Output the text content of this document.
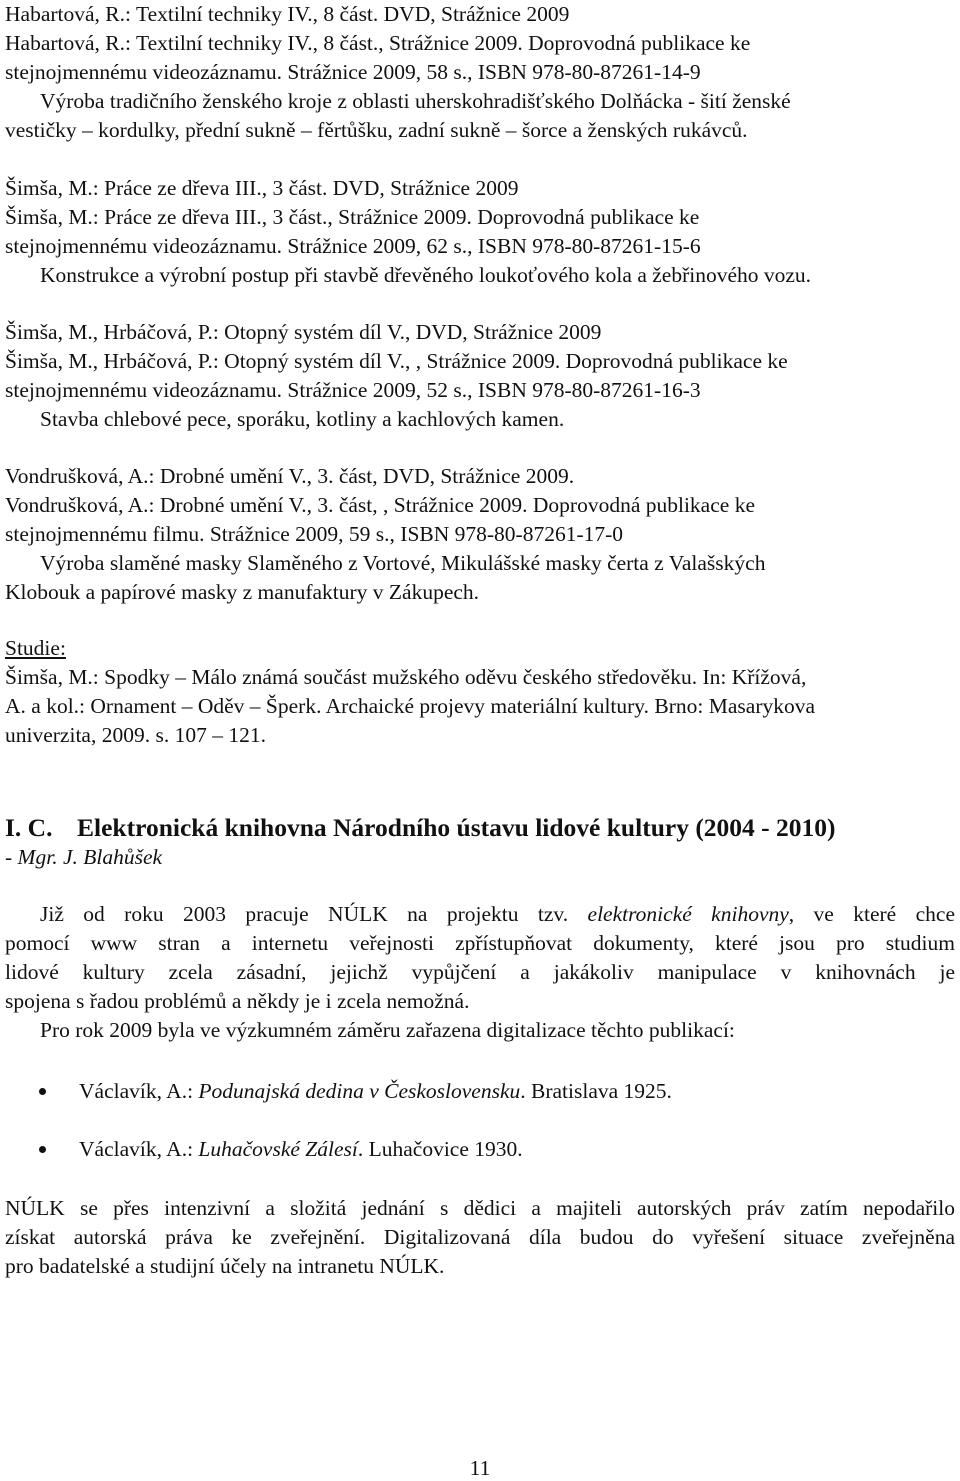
Habartová, R.: Textilní techniky IV., 8 část. DVD, Strážnice 2009
Habartová, R.: Textilní techniky IV., 8 část., Strážnice 2009. Doprovodná publikace ke
stejnojmennému videozáznamu. Strážnice 2009, 58 s., ISBN 978-80-87261-14-9
Výroba tradičního ženského kroje z oblasti uherskohradišťského Dolňácka - šití ženské
vestičky – kordulky, přední sukně – fěrtůšku, zadní sukně – šorce a ženských rukávců.
Šimša, M.: Práce ze dřeva III., 3 část. DVD, Strážnice 2009
Šimša, M.: Práce ze dřeva III., 3 část., Strážnice 2009. Doprovodná publikace ke
stejnojmennému videozáznamu. Strážnice 2009, 62 s., ISBN 978-80-87261-15-6
Konstrukce a výrobní postup při stavbě dřevěného loukoťového kola a žebřinového vozu.
Šimša, M., Hrbáčová, P.: Otopný systém díl V., DVD, Strážnice 2009
Šimša, M., Hrbáčová, P.: Otopný systém díl V., , Strážnice 2009. Doprovodná publikace ke
stejnojmennému videozáznamu. Strážnice 2009, 52 s., ISBN 978-80-87261-16-3
Stavba chlebové pece, sporáku, kotliny a kachlových kamen.
Vondrušková, A.: Drobné umění V., 3. část, DVD, Strážnice 2009.
Vondrušková, A.: Drobné umění V., 3. část, , Strážnice 2009. Doprovodná publikace ke
stejnojmennému filmu. Strážnice 2009, 59 s., ISBN 978-80-87261-17-0
Výroba slaměné masky Slaměného z Vortové, Mikulášské masky čerta z Valašských
Klobouk a papírové masky z manufaktury v Zákupech.
Studie:
Šimša, M.: Spodky – Málo známá součást mužského oděvu českého středověku. In: Křížová,
A. a kol.: Ornament – Oděv – Šperk. Archaické projevy materiální kultury. Brno: Masarykova
univerzita, 2009. s. 107 – 121.
I. C. Elektronická knihovna Národního ústavu lidové kultury (2004 - 2010)
- Mgr. J. Blahůšek
Již od roku 2003 pracuje NÚLK na projektu tzv. elektronické knihovny, ve které chce
pomocí www stran a internetu veřejnosti zpřístupňovat dokumenty, které jsou pro studium
lidové kultury zcela zásadní, jejichž vypůjčení a jakákoliv manipulace v knihovnách je
spojena s řadou problémů a někdy je i zcela nemožná.
Pro rok 2009 byla ve výzkumném záměru zařazena digitalizace těchto publikací:
Václavík, A.: Podunajská dedina v Československu. Bratislava 1925.
Václavík, A.: Luhačovské Zálesí. Luhačovice 1930.
NÚLK se přes intenzivní a složitá jednání s dědici a majiteli autorských práv zatím nepodařilo
získat autorská práva ke zveřejnění. Digitalizovaná díla budou do vyřešení situace zveřejněna
pro badatelské a studijní účely na intranetu NÚLK.
11
